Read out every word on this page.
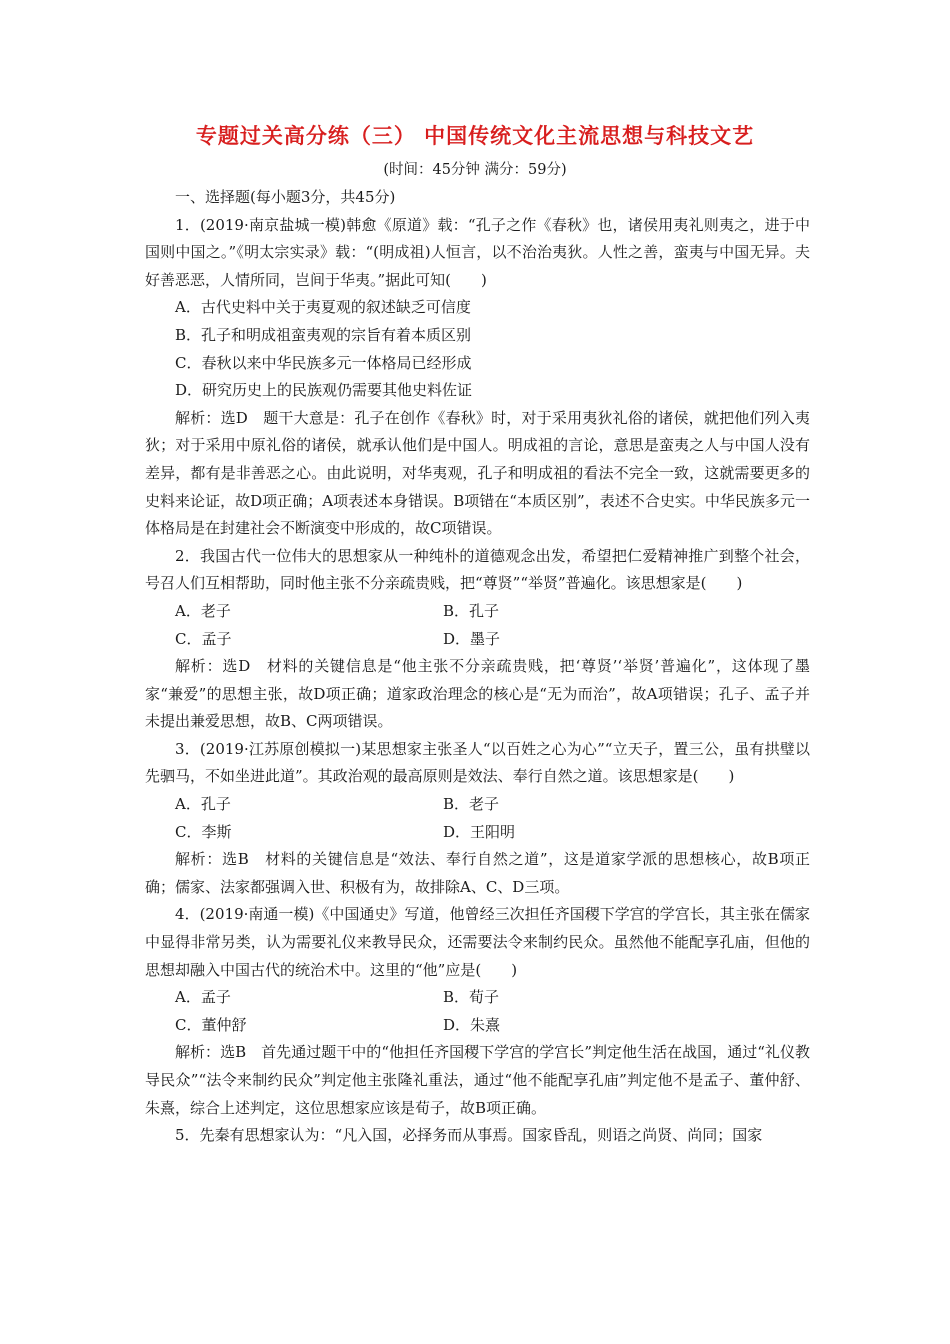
专题过关高分练（三） 中国传统文化主流思想与科技文艺
(时间：45分钟 满分：59分)

一、选择题(每小题3分，共45分)

1．(2019·南京盐城一模)韩愈《原道》载：“孔子之作《春秋》也，诸侯用夷礼则夷之，进于中国则中国之。”《明太宗实录》载：“(明成祖)人恒言，以不治治夷狄。人性之善，蛮夷与中国无异。夫好善恶恶，人情所同，岂间于华夷。”据此可知(　　)

A．古代史料中关于夷夏观的叙述缺乏可信度

B．孔子和明成祖蛮夷观的宗旨有着本质区别

C．春秋以来中华民族多元一体格局已经形成

D．研究历史上的民族观仍需要其他史料佐证

解析：选D　题干大意是：孔子在创作《春秋》时，对于采用夷狄礼俗的诸侯，就把他们列入夷狄；对于采用中原礼俗的诸侯，就承认他们是中国人。明成祖的言论，意思是蛮夷之人与中国人没有差异，都有是非善恶之心。由此说明，对华夷观，孔子和明成祖的看法不完全一致，这就需要更多的史料来论证，故D项正确；A项表述本身错误。B项错在“本质区别”，表述不合史实。中华民族多元一体格局是在封建社会不断演变中形成的，故C项错误。

2．我国古代一位伟大的思想家从一种纯朴的道德观念出发，希望把仁爱精神推广到整个社会，号召人们互相帮助，同时他主张不分亲疏贵贱，把“尊贤”“举贤”普遍化。该思想家是(　　)

A．老子	B．孔子
C．孟子	D．墨子

解析：选D　材料的关键信息是“他主张不分亲疏贵贱，把‘尊贤’‘举贤’普遍化”，这体现了墨家“兼爱”的思想主张，故D项正确；道家政治理念的核心是“无为而治”，故A项错误；孔子、孟子并未提出兼爱思想，故B、C两项错误。

3．(2019·江苏原创模拟一)某思想家主张圣人“以百姓之心为心”“立天子，置三公，虽有拱璧以先驷马，不如坐进此道”。其政治观的最高原则是效法、奉行自然之道。该思想家是(　　)

A．孔子	B．老子
C．李斯	D．王阳明

解析：选B　材料的关键信息是“效法、奉行自然之道”，这是道家学派的思想核心，故B项正确；儒家、法家都强调入世、积极有为，故排除A、C、D三项。

4．(2019·南通一模)《中国通史》写道，他曾经三次担任齐国稷下学宫的学宫长，其主张在儒家中显得非常另类，认为需要礼仪来教导民众，还需要法令来制约民众。虽然他不能配享孔庙，但他的思想却融入中国古代的统治术中。这里的“他”应是(　　)

A．孟子	B．荀子
C．董仲舒	D．朱熹

解析：选B　首先通过题干中的“他担任齐国稷下学宫的学宫长”判定他生活在战国，通过“礼仪教导民众”“法令来制约民众”判定他主张隆礼重法，通过“他不能配享孔庙”判定他不是孟子、董仲舒、朱熹，综合上述判定，这位思想家应该是荀子，故B项正确。

5．先秦有思想家认为：“凡入国，必择务而从事焉。国家昏乱，则语之尚贤、尚同；国家
